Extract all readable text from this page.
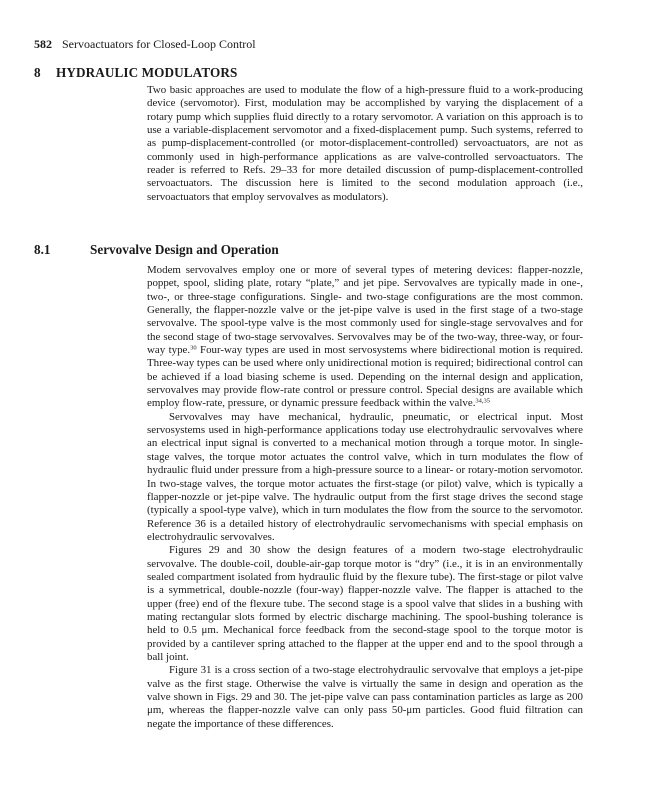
582 Servoactuators for Closed-Loop Control
8 HYDRAULIC MODULATORS

Two basic approaches are used to modulate the flow of a high-pressure fluid to a work-producing device (servomotor). First, modulation may be accomplished by varying the displacement of a rotary pump which supplies fluid directly to a rotary servomotor. A variation on this approach is to use a variable-displacement servomotor and a fixed-displacement pump. Such systems, referred to as pump-displacement-controlled (or motor-displacement-controlled) servoactuators, are not as commonly used in high-performance applications as are valve-controlled servoactuators. The reader is referred to Refs. 29–33 for more detailed discussion of pump-displacement-controlled servoactuators. The discussion here is limited to the second modulation approach (i.e., servoactuators that employ servovalves as modulators).

8.1	Servovalve Design and Operation

Modem servovalves employ one or more of several types of metering devices: flapper-nozzle, poppet, spool, sliding plate, rotary “plate,” and jet pipe. Servovalves are typically made in one-, two-, or three-stage configurations. Single- and two-stage configurations are the most common. Generally, the flapper-nozzle valve or the jet-pipe valve is used in the first stage of a two-stage servovalve. The spool-type valve is the most commonly used for single-stage servovalves and for the second stage of two-stage servovalves. Servovalves may be of the two-way, three-way, or four-way type.$^{30}$ Four-way types are used in most servosystems where bidirectional motion is required. Three-way types can be used where only unidirectional motion is required; bidirectional control can be achieved if a load biasing scheme is used. Depending on the internal design and application, servovalves may provide flow-rate control or pressure control. Special designs are available which employ flow-rate, pressure, or dynamic pressure feedback within the valve.$^{34,35}$

Servovalves may have mechanical, hydraulic, pneumatic, or electrical input. Most servosystems used in high-performance applications today use electrohydraulic servovalves where an electrical input signal is converted to a mechanical motion through a torque motor. In single-stage valves, the torque motor actuates the control valve, which in turn modulates the flow of hydraulic fluid under pressure from a high-pressure source to a linear- or rotary-motion servomotor. In two-stage valves, the torque motor actuates the first-stage (or pilot) valve, which is typically a flapper-nozzle or jet-pipe valve. The hydraulic output from the first stage drives the second stage (typically a spool-type valve), which in turn modulates the flow from the source to the servomotor. Reference 36 is a detailed history of electrohydraulic servomechanisms with special emphasis on electrohydraulic servovalves.

Figures 29 and 30 show the design features of a modern two-stage electrohydraulic servovalve. The double-coil, double-air-gap torque motor is “dry” (i.e., it is in an environmentally sealed compartment isolated from hydraulic fluid by the flexure tube). The first-stage or pilot valve is a symmetrical, double-nozzle (four-way) flapper-nozzle valve. The flapper is attached to the upper (free) end of the flexure tube. The second stage is a spool valve that slides in a bushing with mating rectangular slots formed by electric discharge machining. The spool-bushing tolerance is held to 0.5 μm. Mechanical force feedback from the second-stage spool to the torque motor is provided by a cantilever spring attached to the flapper at the upper end and to the spool through a ball joint.

Figure 31 is a cross section of a two-stage electrohydraulic servovalve that employs a jet-pipe valve as the first stage. Otherwise the valve is virtually the same in design and operation as the valve shown in Figs. 29 and 30. The jet-pipe valve can pass contamination particles as large as 200 μm, whereas the flapper-nozzle valve can only pass 50-μm particles. Good fluid filtration can negate the importance of these differences.
